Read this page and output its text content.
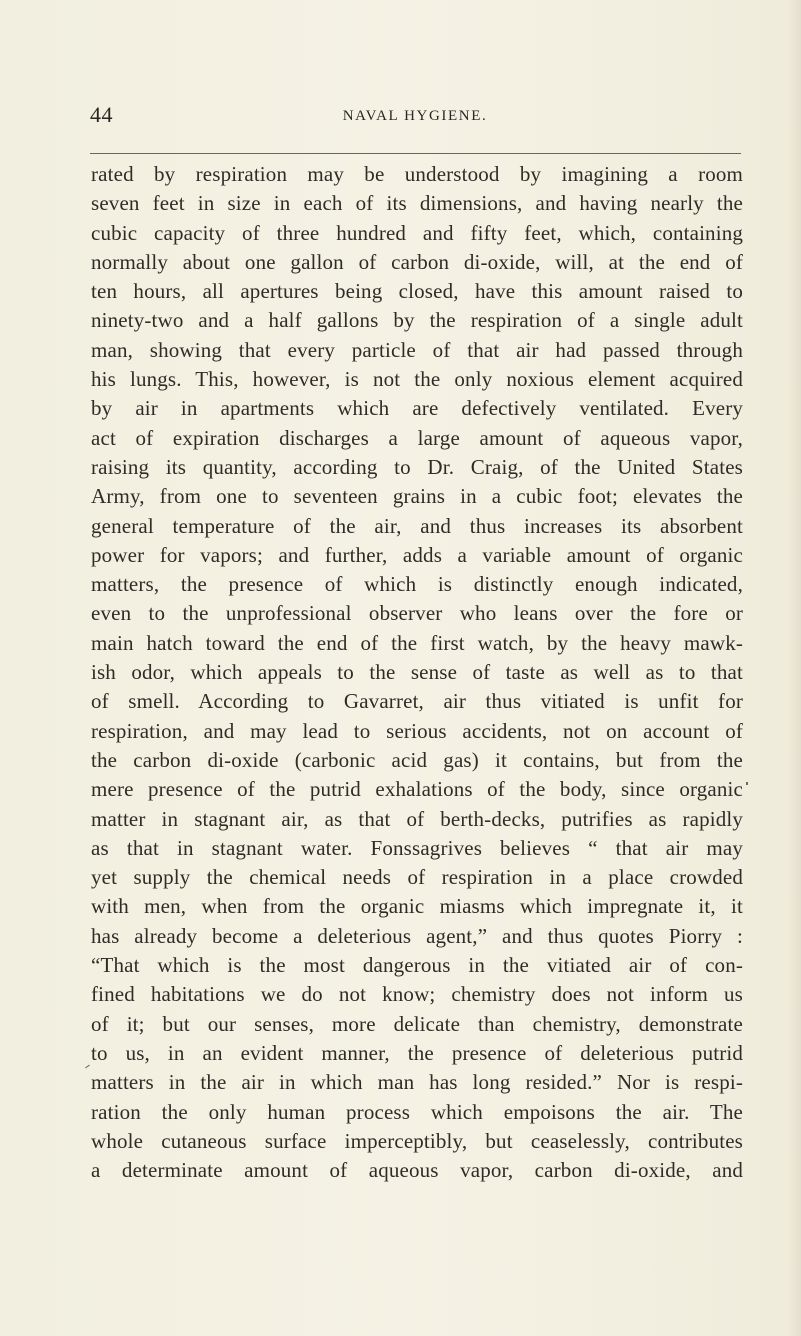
44	NAVAL HYGIENE.
rated by respiration may be understood by imagining a room
seven feet in size in each of its dimensions, and having nearly the
cubic capacity of three hundred and fifty feet, which, containing
normally about one gallon of carbon di-oxide, will, at the end of
ten hours, all apertures being closed, have this amount raised to
ninety-two and a half gallons by the respiration of a single adult
man, showing that every particle of that air had passed through
his lungs. This, however, is not the only noxious element acquired
by air in apartments which are defectively ventilated. Every
act of expiration discharges a large amount of aqueous vapor,
raising its quantity, according to Dr. Craig, of the United States
Army, from one to seventeen grains in a cubic foot; elevates the
general temperature of the air, and thus increases its absorbent
power for vapors; and further, adds a variable amount of organic
matters, the presence of which is distinctly enough indicated,
even to the unprofessional observer who leans over the fore or
main hatch toward the end of the first watch, by the heavy mawk-
ish odor, which appeals to the sense of taste as well as to that
of smell. According to Gavarret, air thus vitiated is unfit for
respiration, and may lead to serious accidents, not on account of
the carbon di-oxide (carbonic acid gas) it contains, but from the
mere presence of the putrid exhalations of the body, since organic
matter in stagnant air, as that of berth-decks, putrifies as rapidly
as that in stagnant water. Fonssagrives believes “ that air may
yet supply the chemical needs of respiration in a place crowded
with men, when from the organic miasms which impregnate it, it
has already become a deleterious agent,” and thus quotes Piorry :
“That which is the most dangerous in the vitiated air of con-
fined habitations we do not know; chemistry does not inform us
of it; but our senses, more delicate than chemistry, demonstrate
to us, in an evident manner, the presence of deleterious putrid
matters in the air in which man has long resided.” Nor is respi-
ration the only human process which empoisons the air. The
whole cutaneous surface imperceptibly, but ceaselessly, contributes
a determinate amount of aqueous vapor, carbon di-oxide, and
